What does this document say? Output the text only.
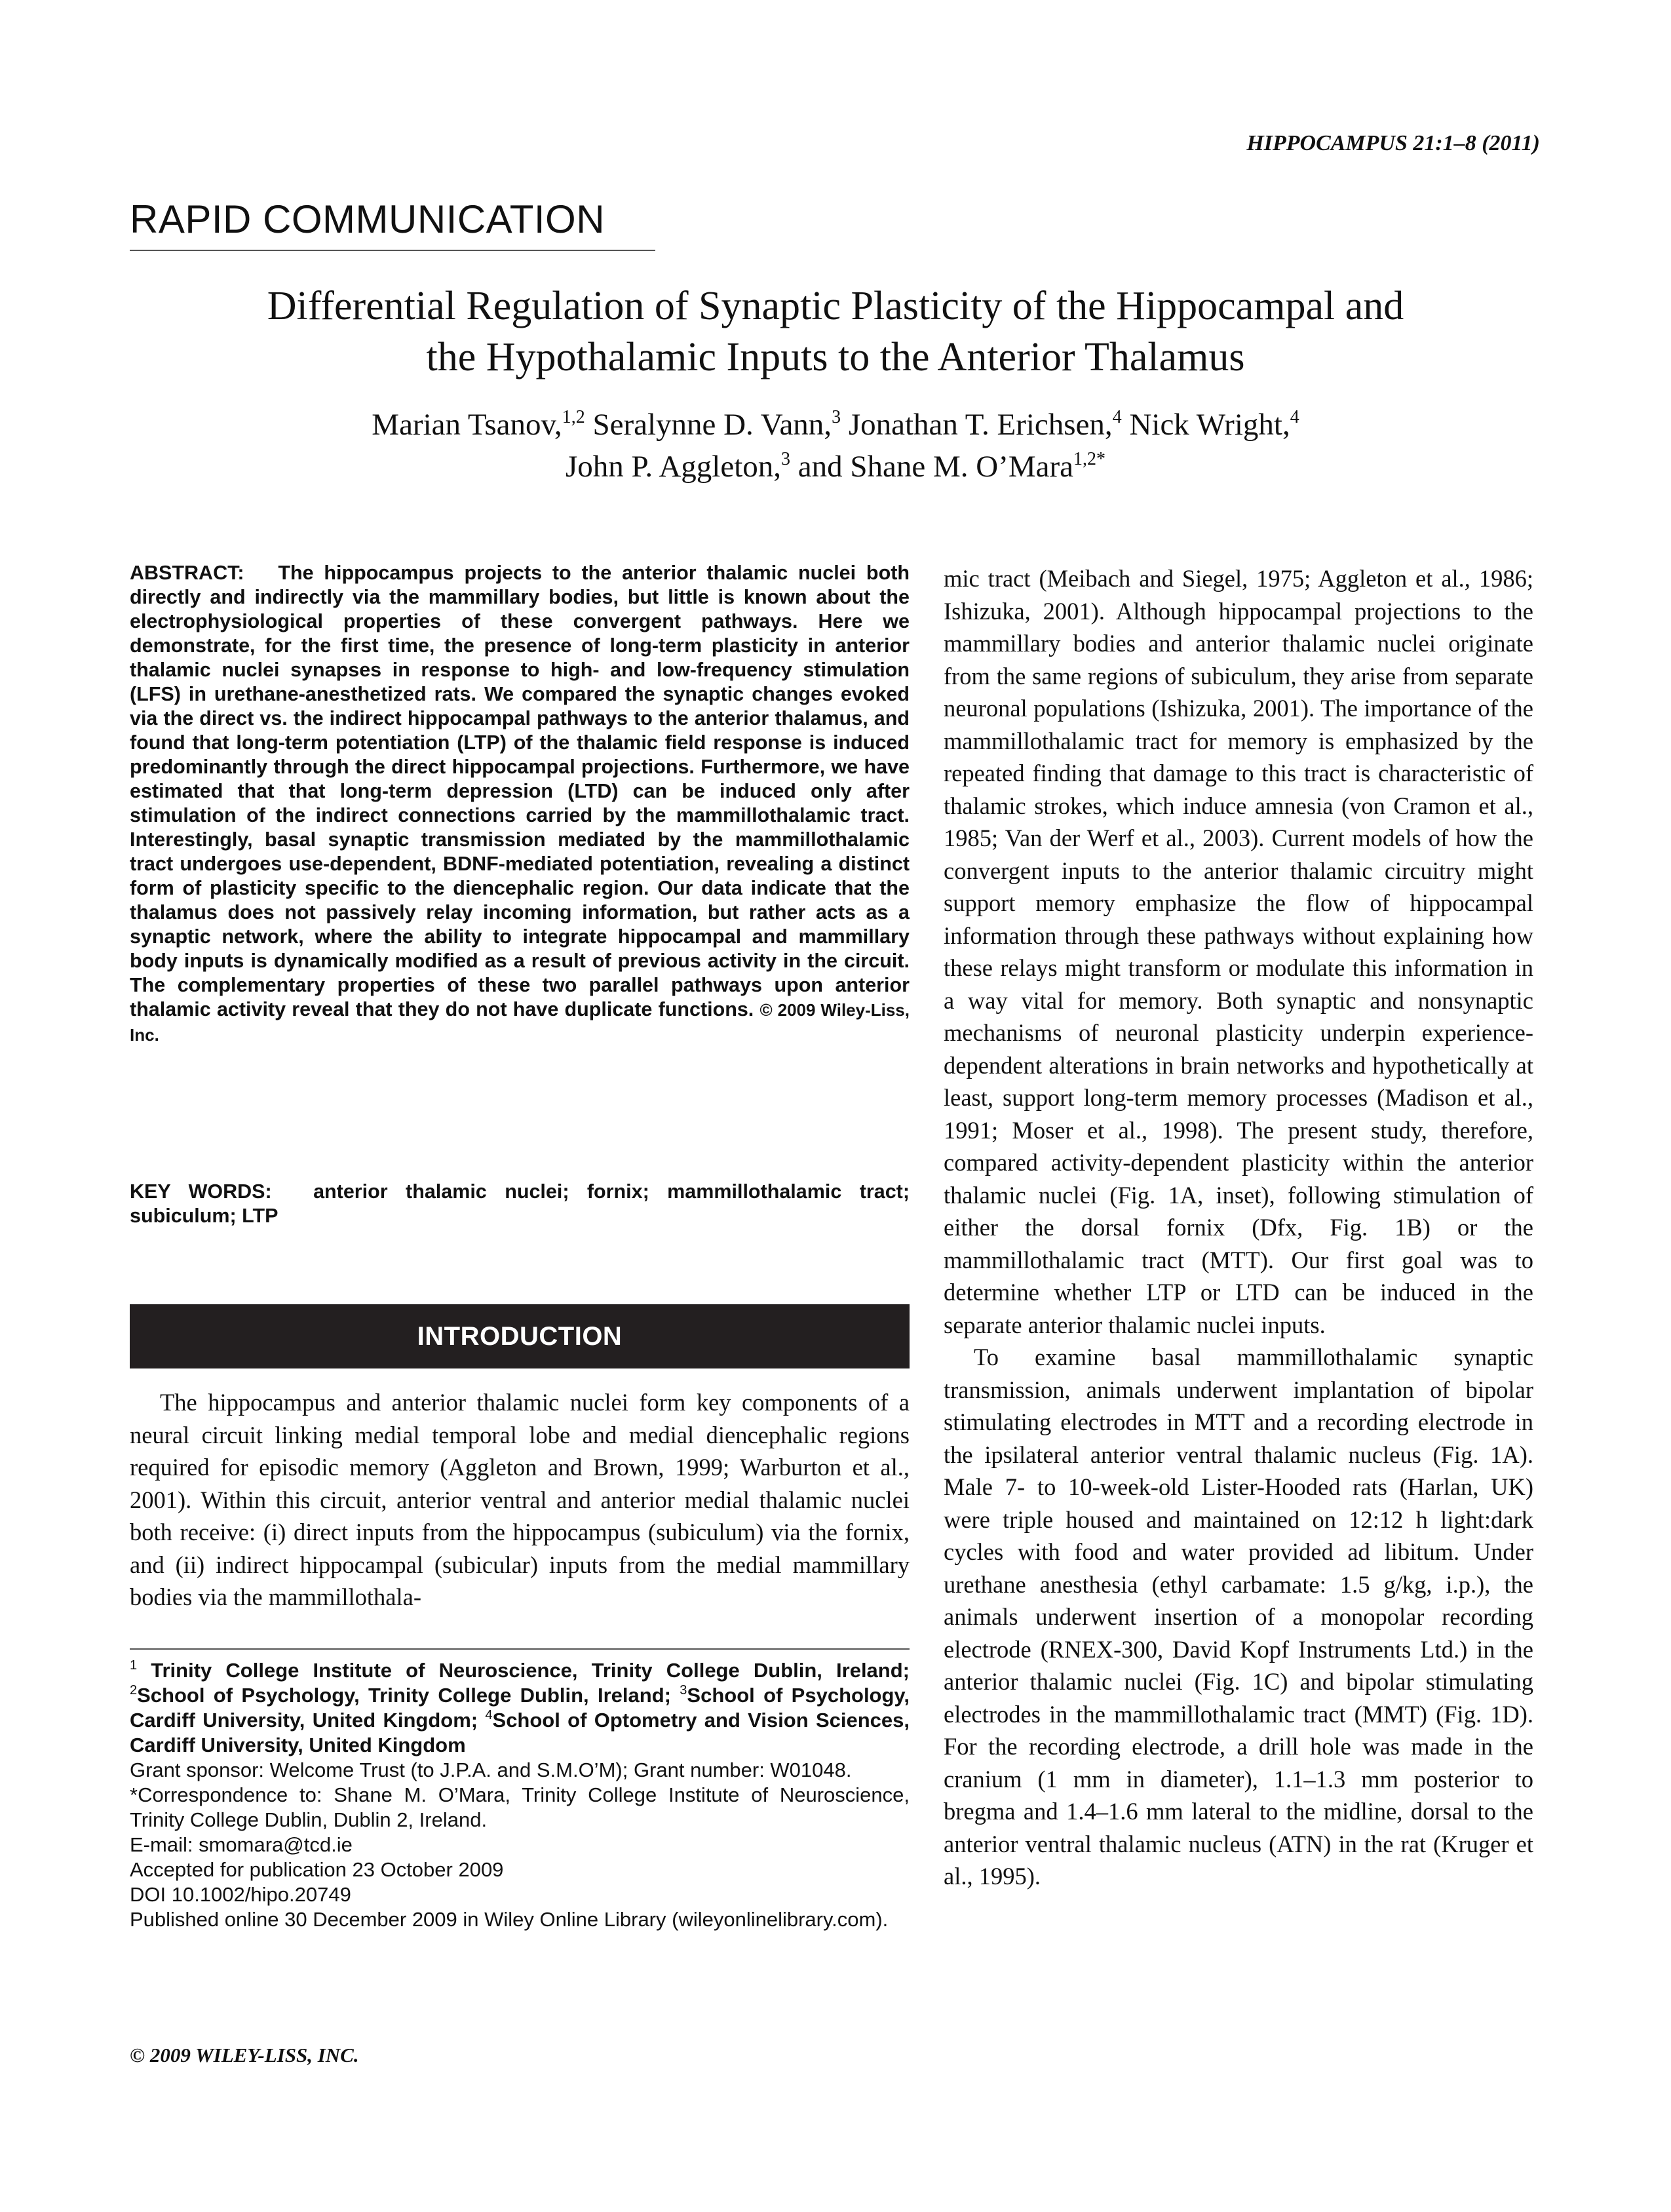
HIPPOCAMPUS 21:1–8 (2011)
RAPID COMMUNICATION
Differential Regulation of Synaptic Plasticity of the Hippocampal and
the Hypothalamic Inputs to the Anterior Thalamus
Marian Tsanov,$^{1,2}$ Seralynne D. Vann,$^3$ Jonathan T. Erichsen,$^4$ Nick Wright,$^4$
John P. Aggleton,$^3$ and Shane M. O’Mara$^{1,2*}$
ABSTRACT: The hippocampus projects to the anterior thalamic nuclei both directly and indirectly via the mammillary bodies, but little is known about the electrophysiological properties of these convergent pathways. Here we demonstrate, for the first time, the presence of long-term plasticity in anterior thalamic nuclei synapses in response to high- and low-frequency stimulation (LFS) in urethane-anesthetized rats. We compared the synaptic changes evoked via the direct vs. the indirect hippocampal pathways to the anterior thalamus, and found that long-term potentiation (LTP) of the thalamic field response is induced predominantly through the direct hippocampal projections. Furthermore, we have estimated that that long-term depression (LTD) can be induced only after stimulation of the indirect connections carried by the mammillothalamic tract. Interestingly, basal synaptic transmission mediated by the mammillothalamic tract undergoes use-dependent, BDNF-mediated potentiation, revealing a distinct form of plasticity specific to the diencephalic region. Our data indicate that the thalamus does not passively relay incoming information, but rather acts as a synaptic network, where the ability to integrate hippocampal and mammillary body inputs is dynamically modified as a result of previous activity in the circuit. The complementary properties of these two parallel pathways upon anterior thalamic activity reveal that they do not have duplicate functions. © 2009 Wiley-Liss, Inc.
KEY WORDS: anterior thalamic nuclei; fornix; mammillothalamic tract; subiculum; LTP
INTRODUCTION

The hippocampus and anterior thalamic nuclei form key components of a neural circuit linking medial temporal lobe and medial diencephalic regions required for episodic memory (Aggleton and Brown, 1999; Warburton et al., 2001). Within this circuit, anterior ventral and anterior medial thalamic nuclei both receive: (i) direct inputs from the hippocampus (subiculum) via the fornix, and (ii) indirect hippocampal (subicular) inputs from the medial mammillary bodies via the mammillothala-

$^1$ Trinity College Institute of Neuroscience, Trinity College Dublin, Ireland; $^2$School of Psychology, Trinity College Dublin, Ireland; $^3$School of Psychology, Cardiff University, United Kingdom; $^4$School of Optometry and Vision Sciences, Cardiff University, United Kingdom
Grant sponsor: Welcome Trust (to J.P.A. and S.M.O’M); Grant number: W01048.
*Correspondence to: Shane M. O’Mara, Trinity College Institute of Neuroscience, Trinity College Dublin, Dublin 2, Ireland.
E-mail: smomara@tcd.ie
Accepted for publication 23 October 2009
DOI 10.1002/hipo.20749
Published online 30 December 2009 in Wiley Online Library (wileyonlinelibrary.com).
© 2009 WILEY-LISS, INC.

mic tract (Meibach and Siegel, 1975; Aggleton et al., 1986; Ishizuka, 2001). Although hippocampal projections to the mammillary bodies and anterior thalamic nuclei originate from the same regions of subiculum, they arise from separate neuronal populations (Ishizuka, 2001). The importance of the mammillothalamic tract for memory is emphasized by the repeated finding that damage to this tract is characteristic of thalamic strokes, which induce amnesia (von Cramon et al., 1985; Van der Werf et al., 2003). Current models of how the convergent inputs to the anterior thalamic circuitry might support memory emphasize the flow of hippocampal information through these pathways without explaining how these relays might transform or modulate this information in a way vital for memory. Both synaptic and nonsynaptic mechanisms of neuronal plasticity underpin experience-dependent alterations in brain networks and hypothetically at least, support long-term memory processes (Madison et al., 1991; Moser et al., 1998). The present study, therefore, compared activity-dependent plasticity within the anterior thalamic nuclei (Fig. 1A, inset), following stimulation of either the dorsal fornix (Dfx, Fig. 1B) or the mammillothalamic tract (MTT). Our first goal was to determine whether LTP or LTD can be induced in the separate anterior thalamic nuclei inputs.

To examine basal mammillothalamic synaptic transmission, animals underwent implantation of bipolar stimulating electrodes in MTT and a recording electrode in the ipsilateral anterior ventral thalamic nucleus (Fig. 1A). Male 7- to 10-week-old Lister-Hooded rats (Harlan, UK) were triple housed and maintained on 12:12 h light:dark cycles with food and water provided ad libitum. Under urethane anesthesia (ethyl carbamate: 1.5 g/kg, i.p.), the animals underwent insertion of a monopolar recording electrode (RNEX-300, David Kopf Instruments Ltd.) in the anterior thalamic nuclei (Fig. 1C) and bipolar stimulating electrodes in the mammillothalamic tract (MMT) (Fig. 1D). For the recording electrode, a drill hole was made in the cranium (1 mm in diameter), 1.1–1.3 mm posterior to bregma and 1.4–1.6 mm lateral to the midline, dorsal to the anterior ventral thalamic nucleus (ATN) in the rat (Kruger et al., 1995).
